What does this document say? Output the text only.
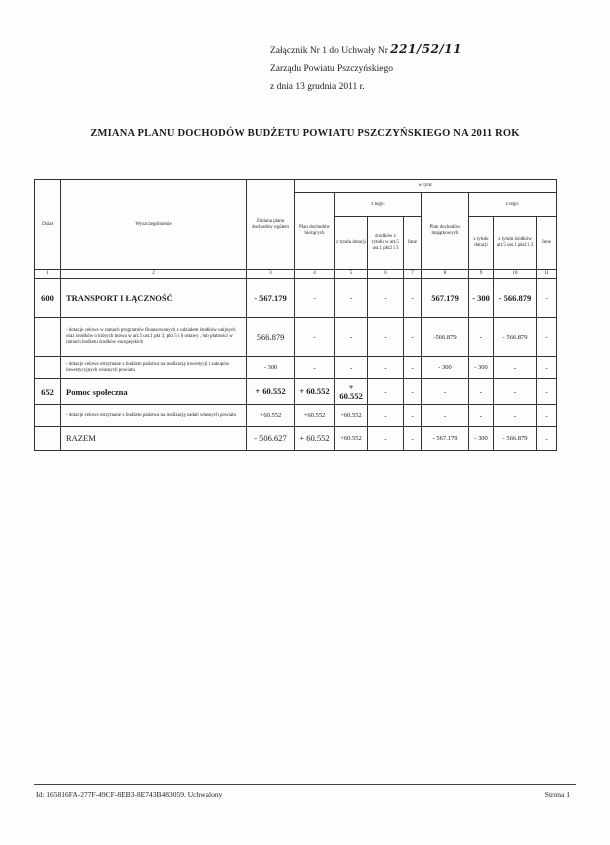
Załącznik Nr 1 do Uchwały Nr 221/52/11
Zarządu Powiatu Pszczyńskiego
z dnia 13 grudnia 2011 r.
ZMIANA PLANU DOCHODÓW BUDŻETU POWIATU PSZCZYŃSKIEGO NA 2011 ROK
Dział	Wyszczególnienie	Zmiana planu dochodów ogółem	w tym:							
			Plan dochodów bieżących	z tego:			Plan dochodów majątkowych	z tego:		
				z tytułu dotacji	środków z tytułu w art.5 ust.1 pkt2 i 3	Inne		z tytułu dotacji	z tytułu środków art.5 ust.1 pkt2 i 3	Inne
1	2	3	4	5	6	7	8	9	10	11
600	TRANSPORT I ŁĄCZNOŚĆ	- 567.179	-	-	-	-	567.179	- 300	- 566.879	-
	- dotacje celowe w ramach programów finansowanych z udziałem środków unijnych oraz środków o których mowa w art.5 ust.1 pkt 3, pkt 5 i 6 ustawy , lub płatności w ramach budżetu środków europejskich	566.879	-	-	-	-	-566.879	-	- 566.879	-
	- dotacje celowe otrzymane z budżetu państwa na realizację inwestycji i zakupów inwestycyjnych własnych powiatu	- 300	-	-	-	-	- 300	- 300	-	-
652	Pomoc społeczna	+ 60.552	+ 60.552	+ 60.552	-	-	-	-	-	-
	- dotacje celowe otrzymane z budżetu państwa na realizację zadań własnych powiatu	+60.552	+60.552	+60.552	-	-	-	-	-	-
	RAZEM	- 506.627	+ 60.552	+60.552	-	-	- 567.179	- 300	- 566.879	-
Id: 165816FA-277F-49CF-8EB3-8E743B483059. Uchwalony	Strona 1
